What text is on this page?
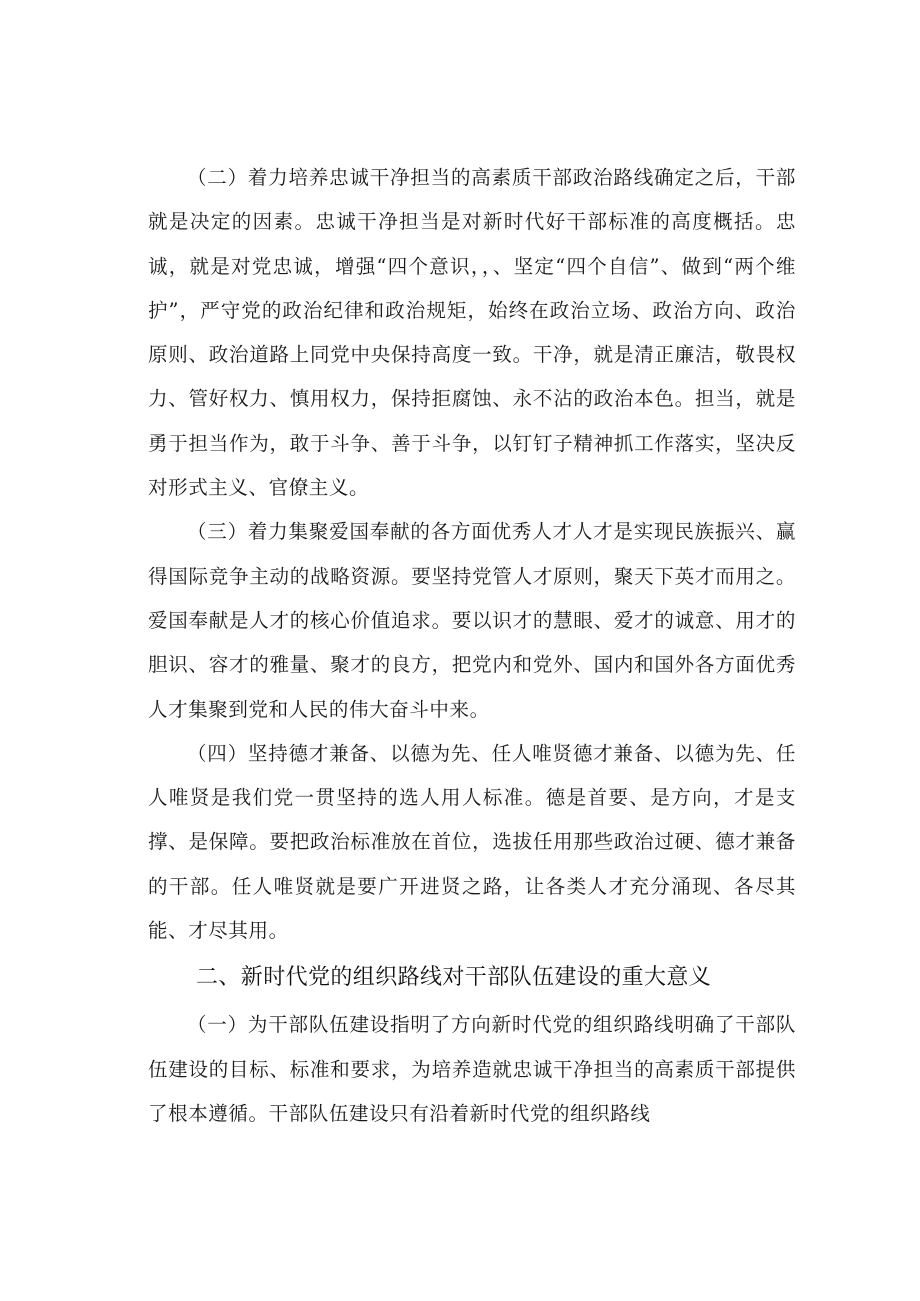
（二）着力培养忠诚干净担当的高素质干部政治路线确定之后，干部就是决定的因素。忠诚干净担当是对新时代好干部标准的高度概括。忠诚，就是对党忠诚，增强“四个意识，，、坚定“四个自信”、做到“两个维护”，严守党的政治纪律和政治规矩，始终在政治立场、政治方向、政治原则、政治道路上同党中央保持高度一致。干净，就是清正廉洁，敬畏权力、管好权力、慎用权力，保持拒腐蚀、永不沾的政治本色。担当，就是勇于担当作为，敢于斗争、善于斗争，以钉钉子精神抓工作落实，坚决反对形式主义、官僚主义。

（三）着力集聚爱国奉献的各方面优秀人才人才是实现民族振兴、赢得国际竞争主动的战略资源。要坚持党管人才原则，聚天下英才而用之。爱国奉献是人才的核心价值追求。要以识才的慧眼、爱才的诚意、用才的胆识、容才的雅量、聚才的良方，把党内和党外、国内和国外各方面优秀人才集聚到党和人民的伟大奋斗中来。

（四）坚持德才兼备、以德为先、任人唯贤德才兼备、以德为先、任人唯贤是我们党一贯坚持的选人用人标准。德是首要、是方向，才是支撑、是保障。要把政治标准放在首位，选拔任用那些政治过硬、德才兼备的干部。任人唯贤就是要广开进贤之路，让各类人才充分涌现、各尽其能、才尽其用。

二、新时代党的组织路线对干部队伍建设的重大意义

（一）为干部队伍建设指明了方向新时代党的组织路线明确了干部队伍建设的目标、标准和要求，为培养造就忠诚干净担当的高素质干部提供了根本遵循。干部队伍建设只有沿着新时代党的组织路线
